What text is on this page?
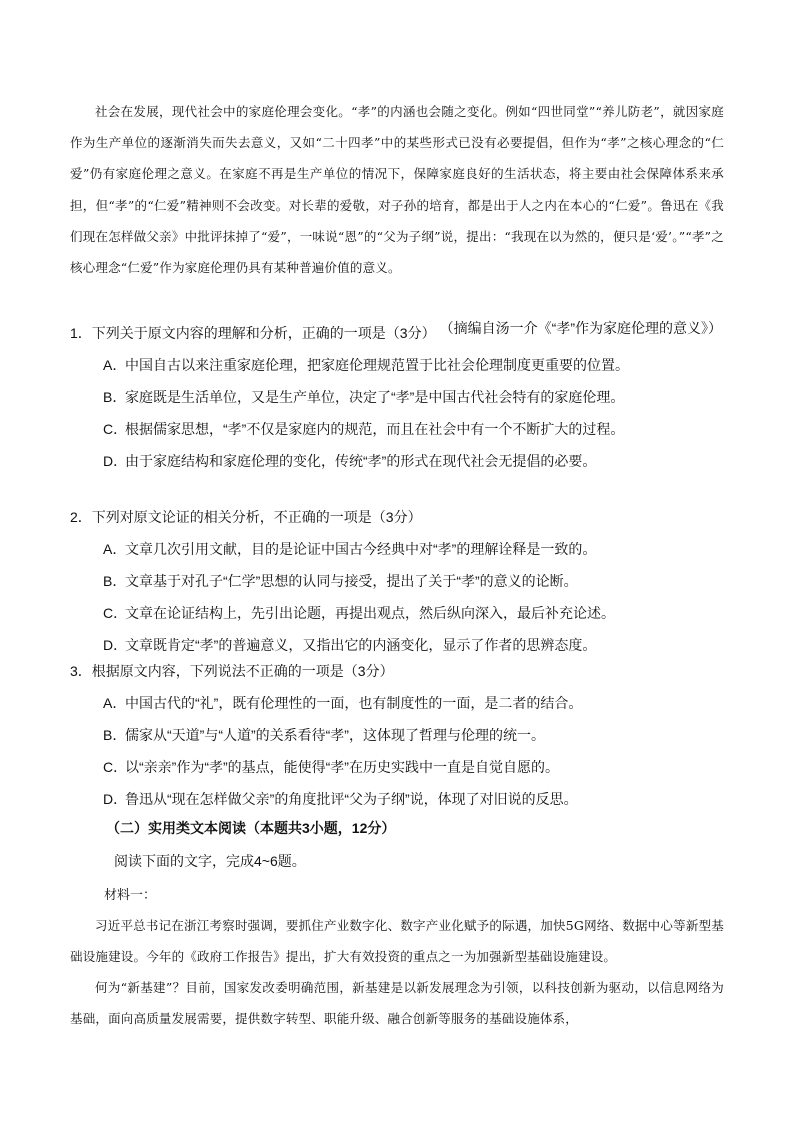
社会在发展，现代社会中的家庭伦理会变化。“孝”的内涵也会随之变化。例如“四世同堂”“养儿防老”，就因家庭作为生产单位的逐渐消失而失去意义，又如“二十四孝”中的某些形式已没有必要提倡，但作为“孝”之核心理念的“仁爱”仍有家庭伦理之意义。在家庭不再是生产单位的情况下，保障家庭良好的生活状态，将主要由社会保障体系来承担，但“孝”的“仁爱”精神则不会改变。对长辈的爱敬，对子孙的培育，都是出于人之内在本心的“仁爱”。鲁迅在《我们现在怎样做父亲》中批评抹掉了“爱”，一味说“恩”的“父为子纲”说，提出：“我现在以为然的，便只是‘爱’。”“孝”之核心理念“仁爱”作为家庭伦理仍具有某种普遍价值的意义。

（摘编自汤一介《“孝”作为家庭伦理的意义》）
1．下列关于原文内容的理解和分析，正确的一项是（3分）
A．中国自古以来注重家庭伦理，把家庭伦理规范置于比社会伦理制度更重要的位置。
B．家庭既是生活单位，又是生产单位，决定了“孝”是中国古代社会特有的家庭伦理。
C．根据儒家思想，“孝”不仅是家庭内的规范，而且在社会中有一个不断扩大的过程。
D．由于家庭结构和家庭伦理的变化，传统“孝”的形式在现代社会无提倡的必要。
2．下列对原文论证的相关分析，不正确的一项是（3分）
A．文章几次引用文献，目的是论证中国古今经典中对“孝”的理解诠释是一致的。
B．文章基于对孔子“仁学”思想的认同与接受，提出了关于“孝”的意义的论断。
C．文章在论证结构上，先引出论题，再提出观点，然后纵向深入，最后补充论述。
D．文章既肯定“孝”的普遍意义，又指出它的内涵变化，显示了作者的思辨态度。
3．根据原文内容，下列说法不正确的一项是（3分）
A．中国古代的“礼”，既有伦理性的一面，也有制度性的一面，是二者的结合。
B．儒家从“天道”与“人道”的关系看待“孝”，这体现了哲理与伦理的统一。
C．以“亲亲”作为“孝”的基点，能使得“孝”在历史实践中一直是自觉自愿的。
D．鲁迅从“现在怎样做父亲”的角度批评“父为子纲”说，体现了对旧说的反思。
（二）实用类文本阅读（本题共3小题，12分）
阅读下面的文字，完成4~6题。
材料一：

习近平总书记在浙江考察时强调，要抓住产业数字化、数字产业化赋予的际遇，加快5G网络、数据中心等新型基础设施建设。今年的《政府工作报告》提出，扩大有效投资的重点之一为加强新型基础设施建设。

何为“新基建”？目前，国家发改委明确范围，新基建是以新发展理念为引领，以科技创新为驱动，以信息网络为基础，面向高质量发展需要，提供数字转型、职能升级、融合创新等服务的基础设施体系，
